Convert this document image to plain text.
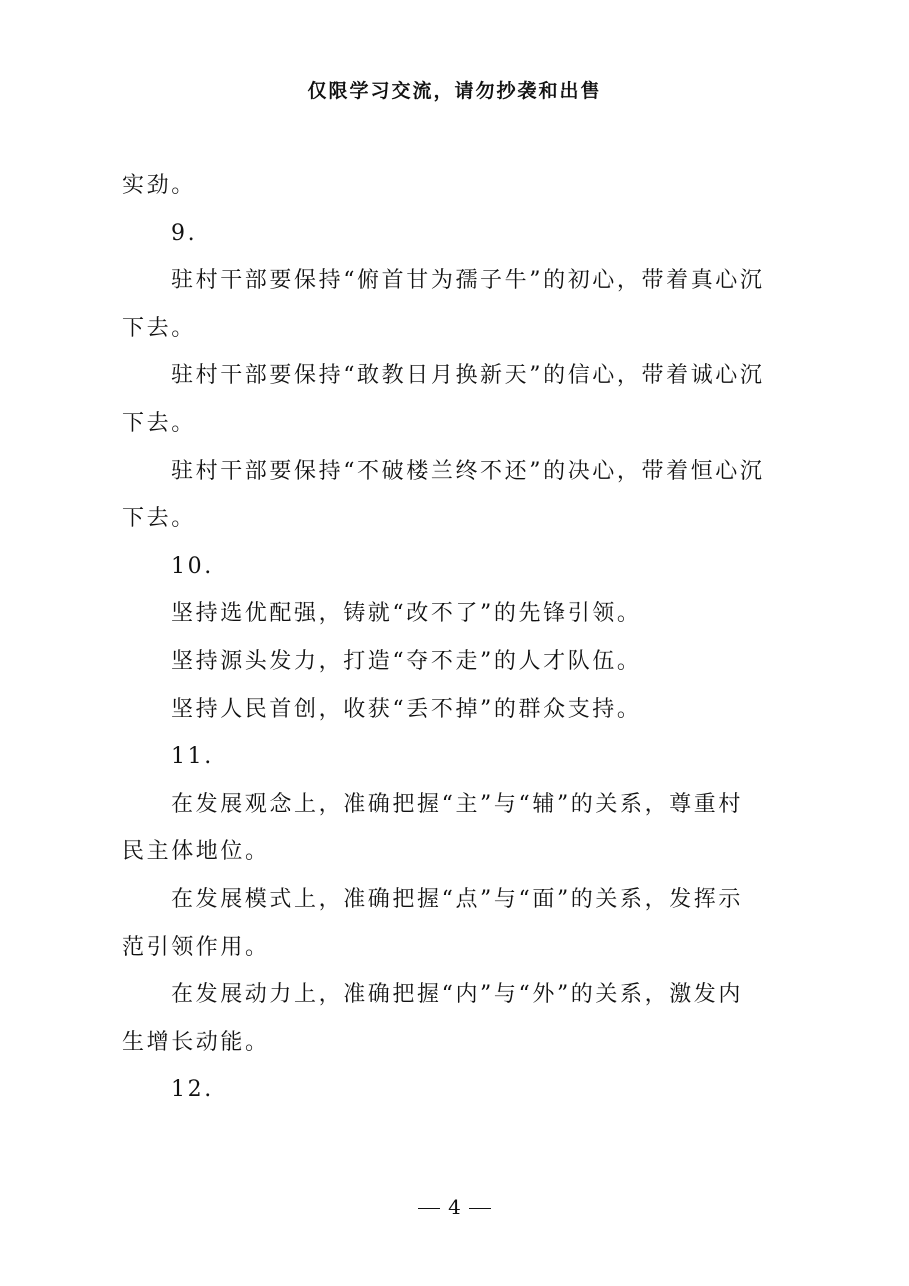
仅限学习交流，请勿抄袭和出售
实劲。
9.
驻村干部要保持“俯首甘为孺子牛”的初心，带着真心沉
下去。
驻村干部要保持“敢教日月换新天”的信心，带着诚心沉
下去。
驻村干部要保持“不破楼兰终不还”的决心，带着恒心沉
下去。
10.
坚持选优配强，铸就“改不了”的先锋引领。
坚持源头发力，打造“夺不走”的人才队伍。
坚持人民首创，收获“丢不掉”的群众支持。
11.
在发展观念上，准确把握“主”与“辅”的关系，尊重村
民主体地位。
在发展模式上，准确把握“点”与“面”的关系，发挥示
范引领作用。
在发展动力上，准确把握“内”与“外”的关系，激发内
生增长动能。
12.
4
